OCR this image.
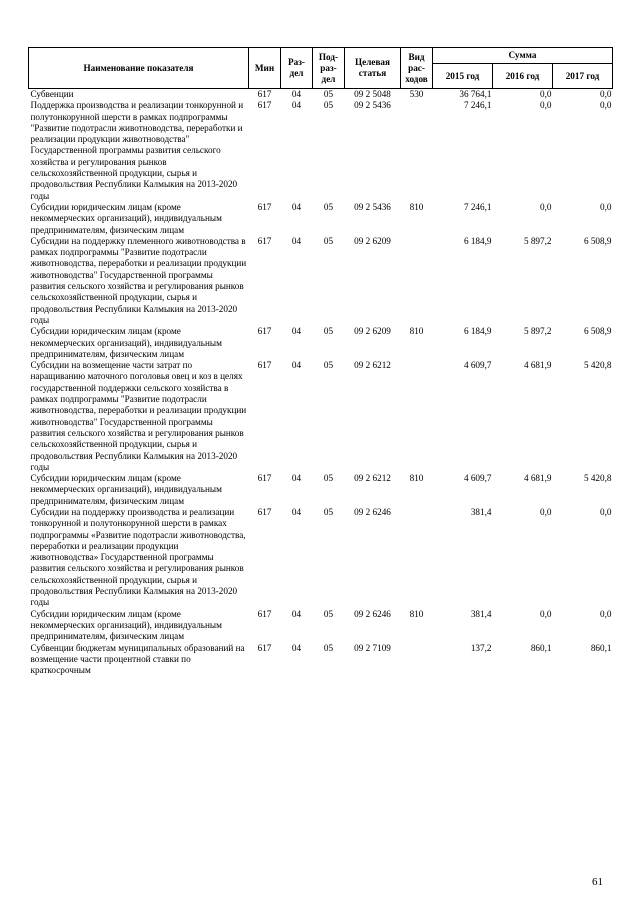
Наименование показателя	Мин	Раз-дел	Под-раз-дел	Целевая статья	Вид рас-ходов	Сумма		
						2015 год	2016 год	2017 год
Субвенции	617	04	05	09 2 5048	530	36 764,1	0,0	0,0
Поддержка производства и реализации тонкорунной и полутонкорунной шерсти в рамках подпрограммы "Развитие подотрасли животноводства, переработки и реализации продукции животноводства" Государственной программы развития сельского хозяйства и регулирования рынков сельскохозяйственной продукции, сырья и продовольствия Республики Калмыкия на 2013-2020 годы	617	04	05	09 2 5436		7 246,1	0,0	0,0
Субсидии юридическим лицам (кроме некоммерческих организаций), индивидуальным предпринимателям, физическим лицам	617	04	05	09 2 5436	810	7 246,1	0,0	0,0
Субсидии на поддержку племенного животноводства в рамках подпрограммы "Развитие подотрасли животноводства, переработки и реализации продукции животноводства" Государственной программы развития сельского хозяйства и регулирования рынков сельскохозяйственной продукции, сырья и продовольствия Республики Калмыкия на 2013-2020 годы	617	04	05	09 2 6209		6 184,9	5 897,2	6 508,9
Субсидии юридическим лицам (кроме некоммерческих организаций), индивидуальным предпринимателям, физическим лицам	617	04	05	09 2 6209	810	6 184,9	5 897,2	6 508,9
Субсидии на возмещение части затрат по наращиванию маточного поголовья овец и коз в целях государственной поддержки сельского хозяйства в рамках подпрограммы "Развитие подотрасли животноводства, переработки и реализации продукции животноводства" Государственной программы развития сельского хозяйства и регулирования рынков сельскохозяйственной продукции, сырья и продовольствия Республики Калмыкия на 2013-2020 годы	617	04	05	09 2 6212		4 609,7	4 681,9	5 420,8
Субсидии юридическим лицам (кроме некоммерческих организаций), индивидуальным предпринимателям, физическим лицам	617	04	05	09 2 6212	810	4 609,7	4 681,9	5 420,8
Субсидии на поддержку производства и реализации тонкорунной и полутонкорунной шерсти в рамках подпрограммы «Развитие подотрасли животноводства, переработки и реализации продукции животноводства» Государственной программы развития сельского хозяйства и регулирования рынков сельскохозяйственной продукции, сырья и продовольствия Республики Калмыкия на 2013-2020 годы	617	04	05	09 2 6246		381,4	0,0	0,0
Субсидии юридическим лицам (кроме некоммерческих организаций), индивидуальным предпринимателям, физическим лицам	617	04	05	09 2 6246	810	381,4	0,0	0,0
Субвенции бюджетам муниципальных образований на возмещение части процентной ставки по краткосрочным	617	04	05	09 2 7109		137,2	860,1	860,1
61
